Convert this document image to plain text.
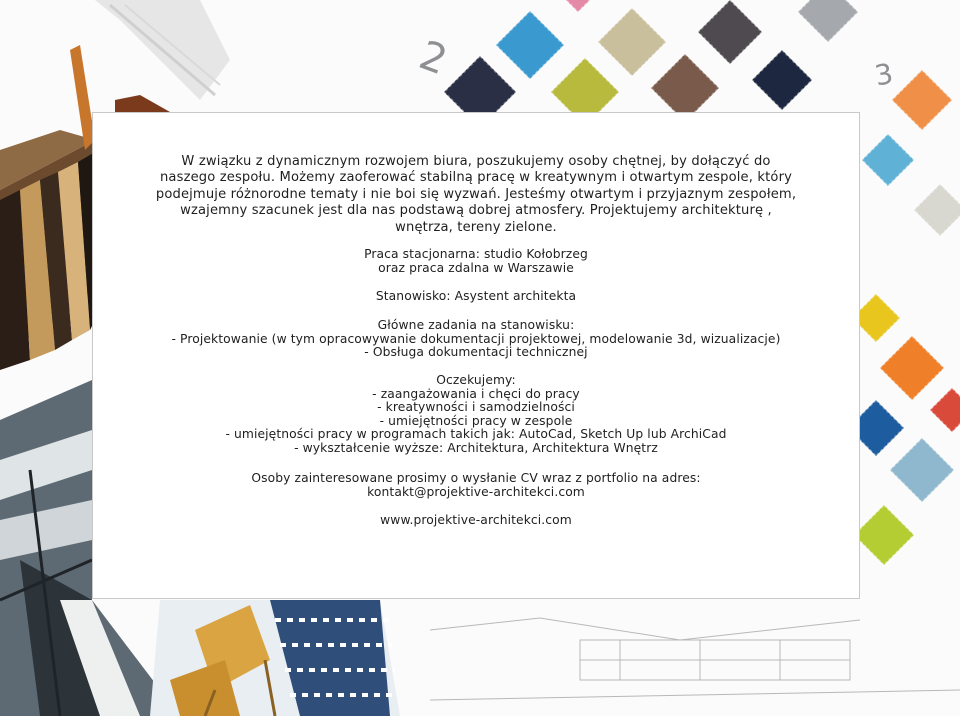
2	3
W związku z dynamicznym rozwojem biura, poszukujemy osoby chętnej, by dołączyć do naszego zespołu. Możemy zaoferować stabilną pracę w kreatywnym i otwartym zespole, który podejmuje różnorodne tematy i nie boi się wyzwań. Jesteśmy otwartym i przyjaznym zespołem, wzajemny szacunek jest dla nas podstawą dobrej atmosfery. Projektujemy architekturę , wnętrza, tereny zielone.
Praca stacjonarna: studio Kołobrzeg
oraz praca zdalna w Warszawie
Stanowisko: Asystent architekta
Główne zadania na stanowisku:
- Projektowanie (w tym opracowywanie dokumentacji projektowej, modelowanie 3d, wizualizacje)
- Obsługa dokumentacji technicznej
Oczekujemy:
- zaangażowania i chęci do pracy
- kreatywności i samodzielności
- umiejętności pracy w zespole
- umiejętności pracy w programach takich jak: AutoCad, Sketch Up lub ArchiCad
- wykształcenie wyższe: Architektura, Architektura Wnętrz
Osoby zainteresowane prosimy o wysłanie CV wraz z portfolio na adres:
kontakt@projektive-architekci.com
www.projektive-architekci.com
